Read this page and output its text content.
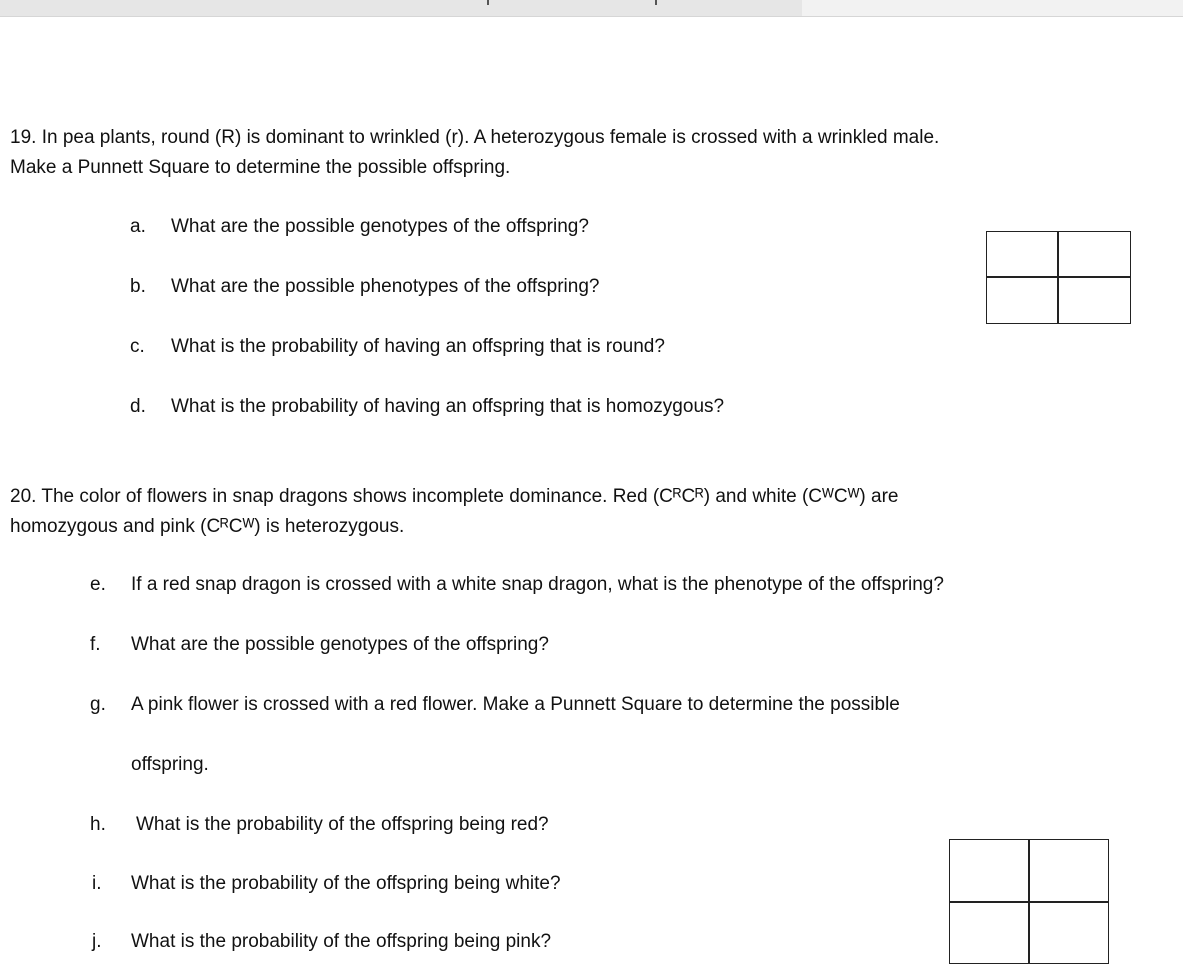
19. In pea plants, round (R) is dominant to wrinkled (r). A heterozygous female is crossed with a wrinkled male.
Make a Punnett Square to determine the possible offspring.
a. What are the possible genotypes of the offspring?
b. What are the possible phenotypes of the offspring?
c. What is the probability of having an offspring that is round?
d. What is the probability of having an offspring that is homozygous?
20. The color of flowers in snap dragons shows incomplete dominance. Red (CᴿCᴿ) and white (CᵂCᵂ) are
homozygous and pink (CᴿCᵂ) is heterozygous.
e. If a red snap dragon is crossed with a white snap dragon, what is the phenotype of the offspring?
f. What are the possible genotypes of the offspring?
g. A pink flower is crossed with a red flower. Make a Punnett Square to determine the possible
offspring.
h. What is the probability of the offspring being red?
i. What is the probability of the offspring being white?
j. What is the probability of the offspring being pink?
